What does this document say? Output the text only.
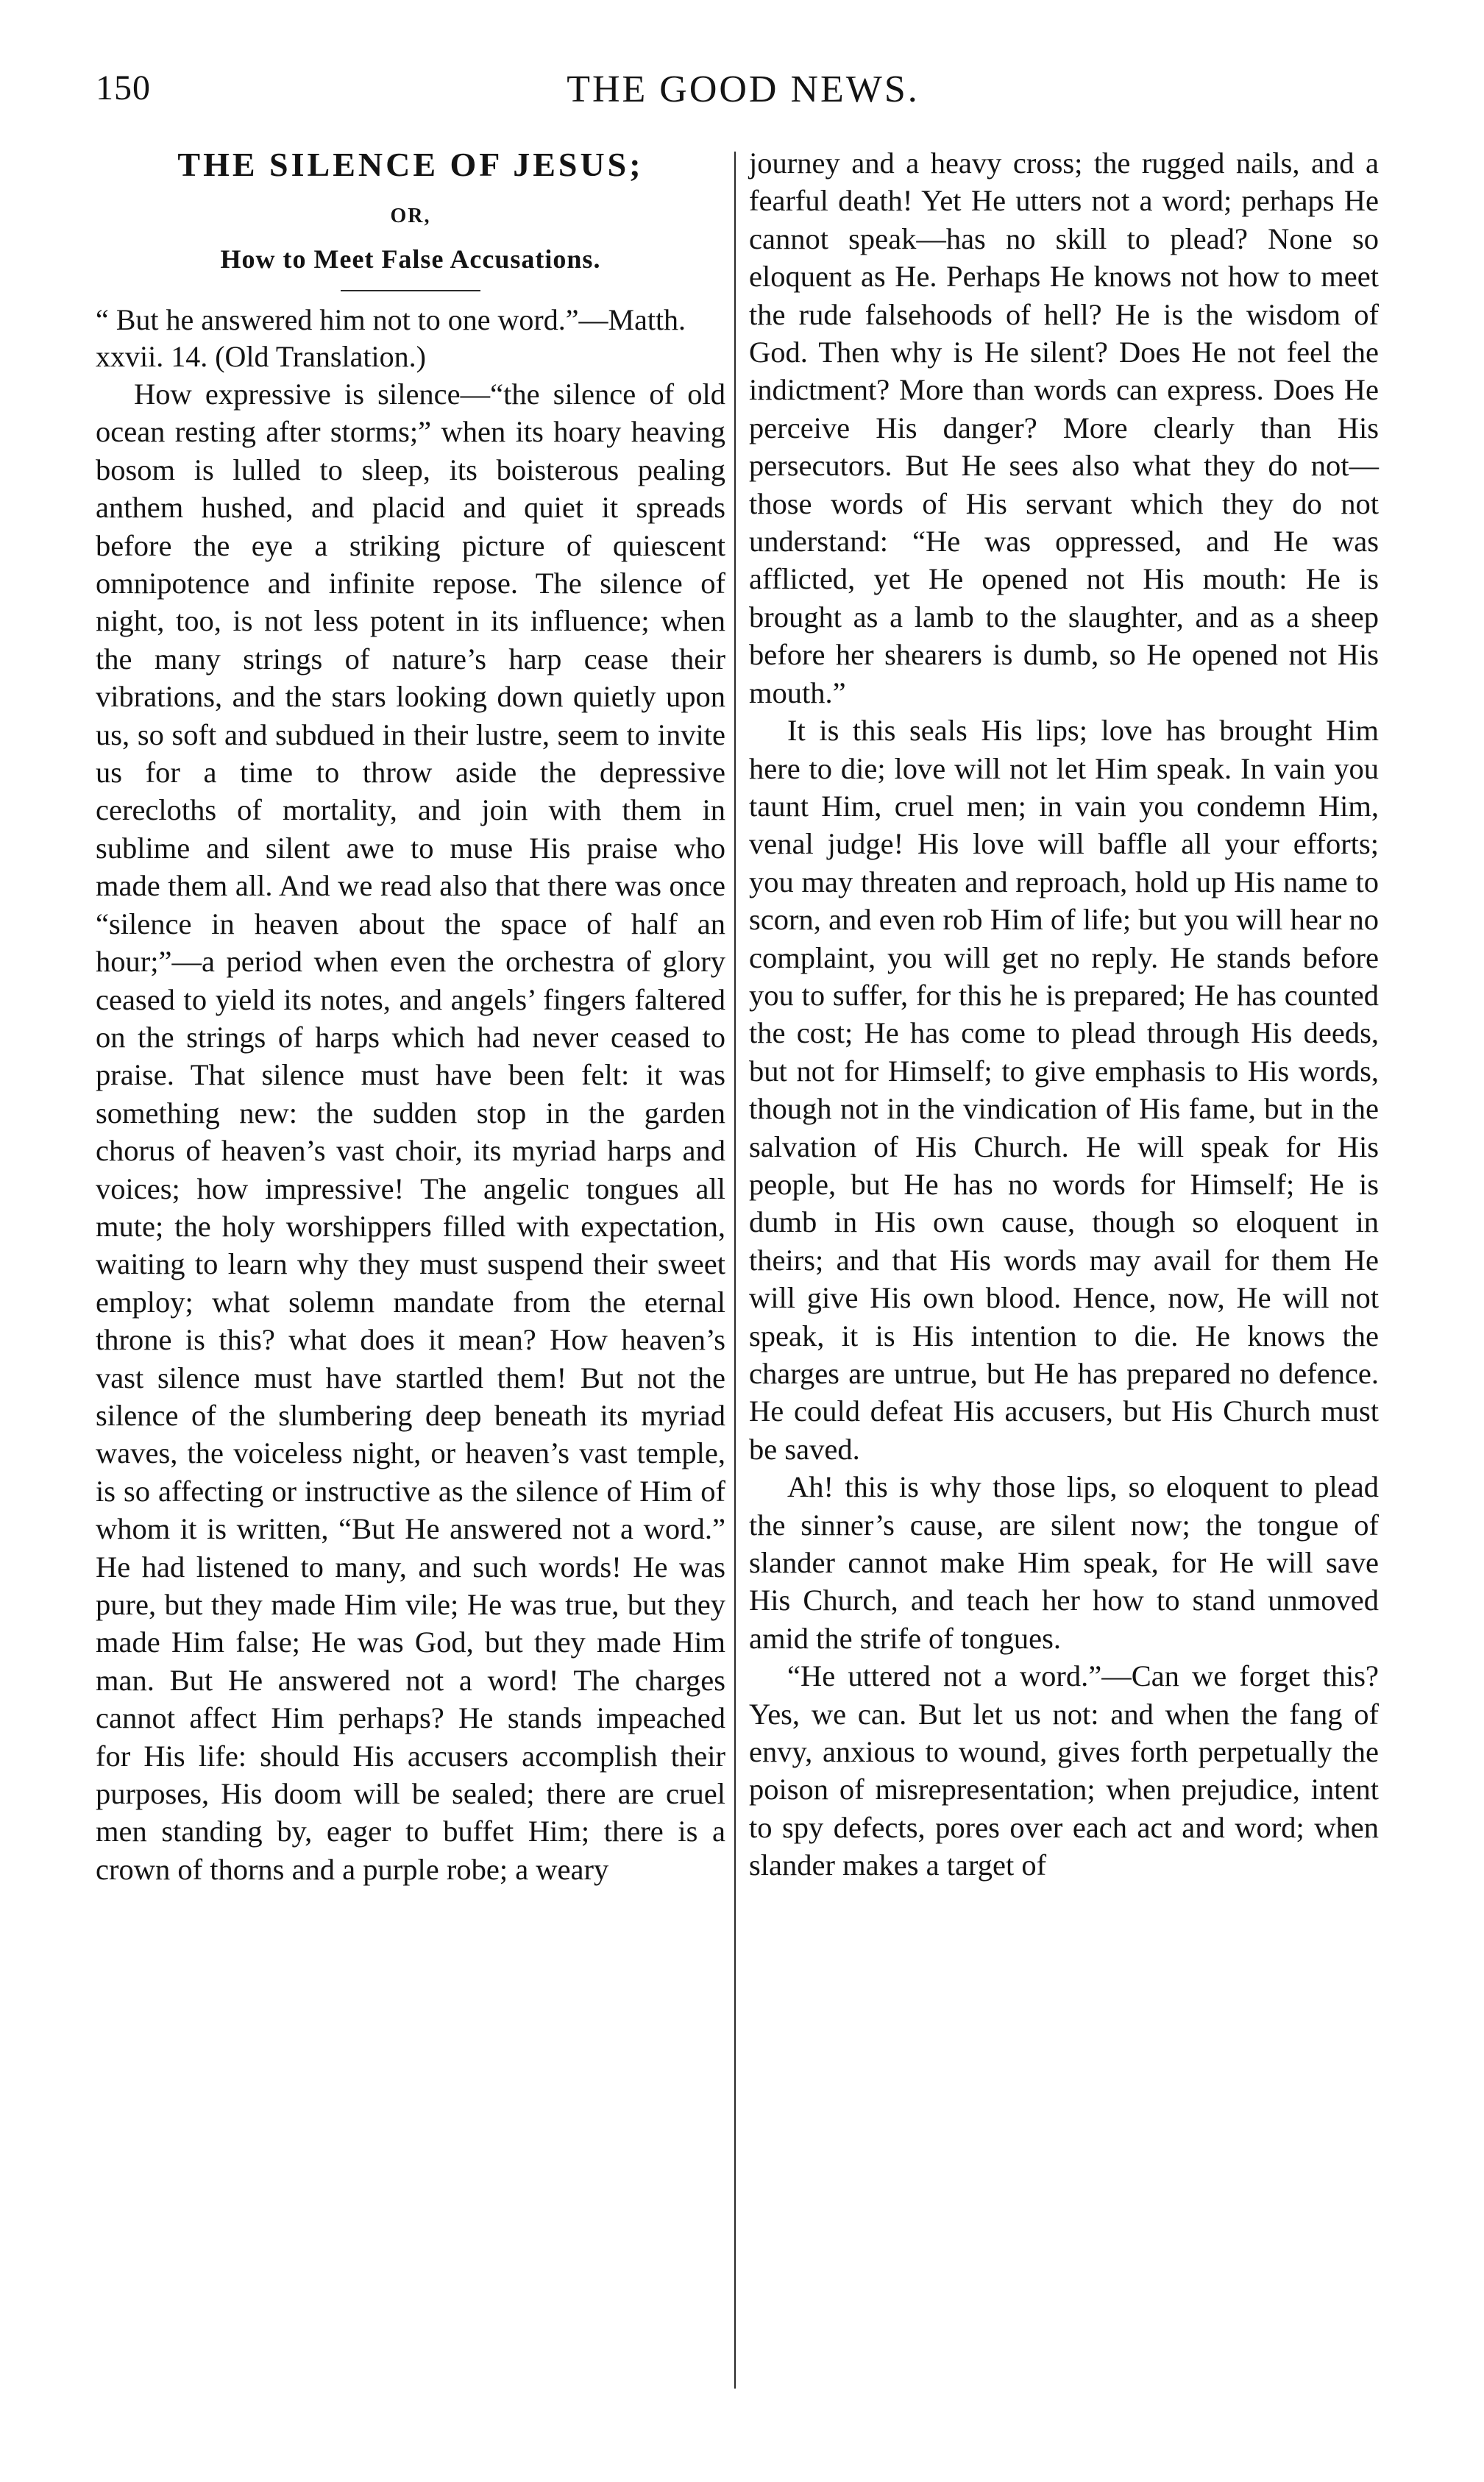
150	THE GOOD NEWS.
THE SILENCE OF JESUS;
OR,
How to Meet False Accusations.

“ But he answered him not to one word.”—Matth. xxvii. 14. (Old Translation.)

How expressive is silence—“the silence of old ocean resting after storms;” when its hoary heaving bosom is lulled to sleep, its boisterous pealing anthem hushed, and placid and quiet it spreads before the eye a striking picture of quiescent omnipotence and infinite repose. The silence of night, too, is not less potent in its influence; when the many strings of nature’s harp cease their vibrations, and the stars looking down quietly upon us, so soft and subdued in their lustre, seem to invite us for a time to throw aside the depressive cerecloths of mortality, and join with them in sublime and silent awe to muse His praise who made them all. And we read also that there was once “silence in heaven about the space of half an hour;”—a period when even the orchestra of glory ceased to yield its notes, and angels’ fingers faltered on the strings of harps which had never ceased to praise. That silence must have been felt: it was something new: the sudden stop in the garden chorus of heaven’s vast choir, its myriad harps and voices; how impressive! The angelic tongues all mute; the holy worshippers filled with expectation, waiting to learn why they must suspend their sweet employ; what solemn mandate from the eternal throne is this? what does it mean? How heaven’s vast silence must have startled them! But not the silence of the slumbering deep beneath its myriad waves, the voiceless night, or heaven’s vast temple, is so affecting or instructive as the silence of Him of whom it is written, “But He answered not a word.” He had listened to many, and such words! He was pure, but they made Him vile; He was true, but they made Him false; He was God, but they made Him man. But He answered not a word! The charges cannot affect Him perhaps? He stands impeached for His life: should His accusers accomplish their purposes, His doom will be sealed; there are cruel men standing by, eager to buffet Him; there is a crown of thorns and a purple robe; a weary

journey and a heavy cross; the rugged nails, and a fearful death! Yet He utters not a word; perhaps He cannot speak—has no skill to plead? None so eloquent as He. Perhaps He knows not how to meet the rude falsehoods of hell? He is the wisdom of God. Then why is He silent? Does He not feel the indictment? More than words can express. Does He perceive His danger? More clearly than His persecutors. But He sees also what they do not—those words of His servant which they do not understand: “He was oppressed, and He was afflicted, yet He opened not His mouth: He is brought as a lamb to the slaughter, and as a sheep before her shearers is dumb, so He opened not His mouth.”

It is this seals His lips; love has brought Him here to die; love will not let Him speak. In vain you taunt Him, cruel men; in vain you condemn Him, venal judge! His love will baffle all your efforts; you may threaten and reproach, hold up His name to scorn, and even rob Him of life; but you will hear no complaint, you will get no reply. He stands before you to suffer, for this he is prepared; He has counted the cost; He has come to plead through His deeds, but not for Himself; to give emphasis to His words, though not in the vindication of His fame, but in the salvation of His Church. He will speak for His people, but He has no words for Himself; He is dumb in His own cause, though so eloquent in theirs; and that His words may avail for them He will give His own blood. Hence, now, He will not speak, it is His intention to die. He knows the charges are untrue, but He has prepared no defence. He could defeat His accusers, but His Church must be saved.

Ah! this is why those lips, so eloquent to plead the sinner’s cause, are silent now; the tongue of slander cannot make Him speak, for He will save His Church, and teach her how to stand unmoved amid the strife of tongues.

“He uttered not a word.”—Can we forget this? Yes, we can. But let us not: and when the fang of envy, anxious to wound, gives forth perpetually the poison of misrepresentation; when prejudice, intent to spy defects, pores over each act and word; when slander makes a target of
